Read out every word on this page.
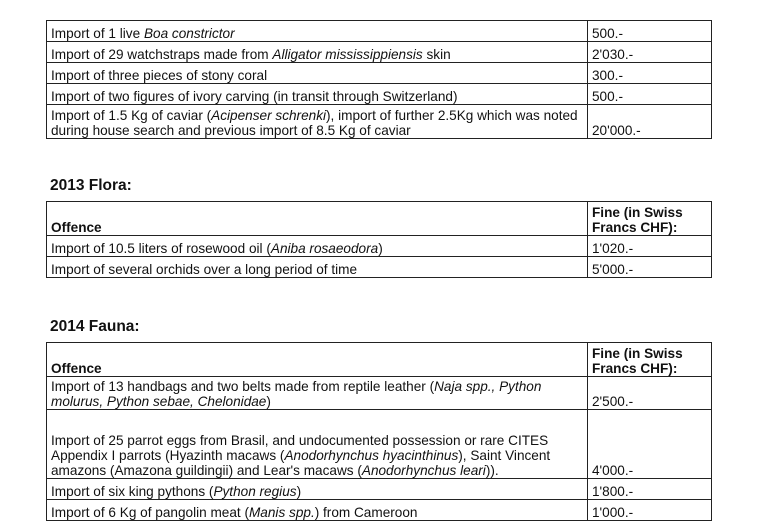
Import of 1 live Boa constrictor	500.-
Import of 29 watchstraps made from Alligator mississippiensis skin	2'030.-
Import of three pieces of stony coral	300.-
Import of two figures of ivory carving (in transit through Switzerland)	500.-
Import of 1.5 Kg of caviar (Acipenser schrenki), import of further 2.5Kg which was noted during house search and previous import of 8.5 Kg of caviar	20'000.-
2013 Flora:
Offence	Fine (in Swiss Francs CHF):
Import of 10.5 liters of rosewood oil (Aniba rosaeodora)	1'020.-
Import of several orchids over a long period of time	5'000.-
2014 Fauna:
Offence	Fine (in Swiss Francs CHF):
Import of 13 handbags and two belts made from reptile leather (Naja spp., Python molurus, Python sebae, Chelonidae)	2'500.-
Import of 25 parrot eggs from Brasil, and undocumented possession or rare CITES Appendix I parrots (Hyazinth macaws (Anodorhynchus hyacinthinus), Saint Vincent amazons (Amazona guildingii) and Lear's macaws (Anodorhynchus leari)).	4'000.-
Import of six king pythons (Python regius)	1'800.-
Import of 6 Kg of pangolin meat (Manis spp.) from Cameroon	1'000.-
